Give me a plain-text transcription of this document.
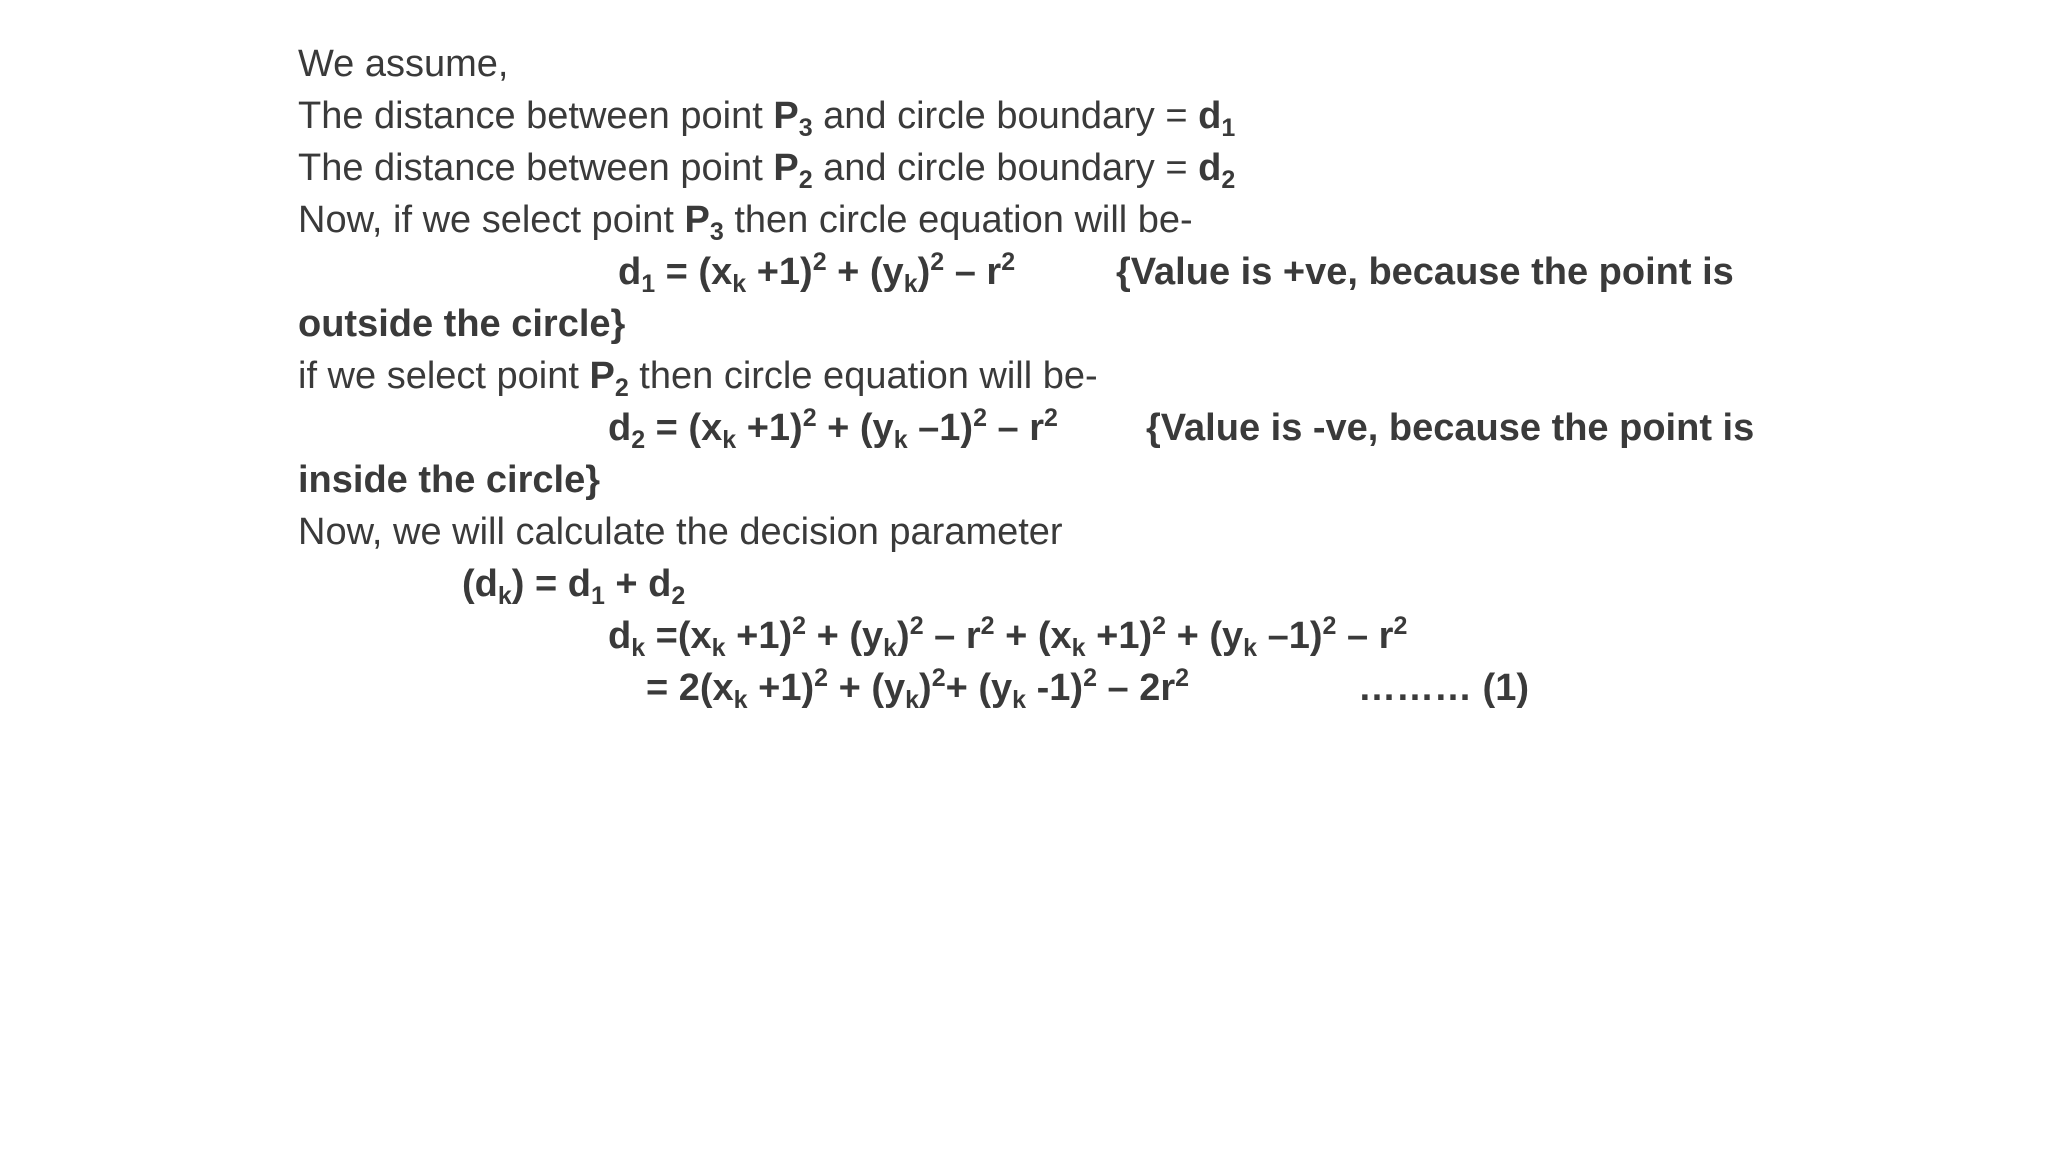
We assume,
The distance between point $P_3$ and circle boundary = $d_1$
The distance between point $P_2$ and circle boundary = $d_2$
Now, if we select point $P_3$ then circle equation will be-
$d_1 = (x_k +1)^2 + (y_k)^2 - r^2$	{Value is +ve, because the point is
outside the circle}
if we select point $P_2$ then circle equation will be-
$d_2 = (x_k +1)^2 + (y_k$ $-1)^2 - r^2$ {Value is -ve, because the point is
inside the circle}
Now, we will calculate the decision parameter
$(d_k) = d_1 + d_2$
$d_k =(x_k +1)^2 + (y_k)^2 - r^2 + (x_k +1)^2 + (y_k$ $-1)^2 - r^2$
= $2(x_k +1)^2 + (y_k)^2+ (y_k$ $-1)^2 - 2r^2$	……… (1)
